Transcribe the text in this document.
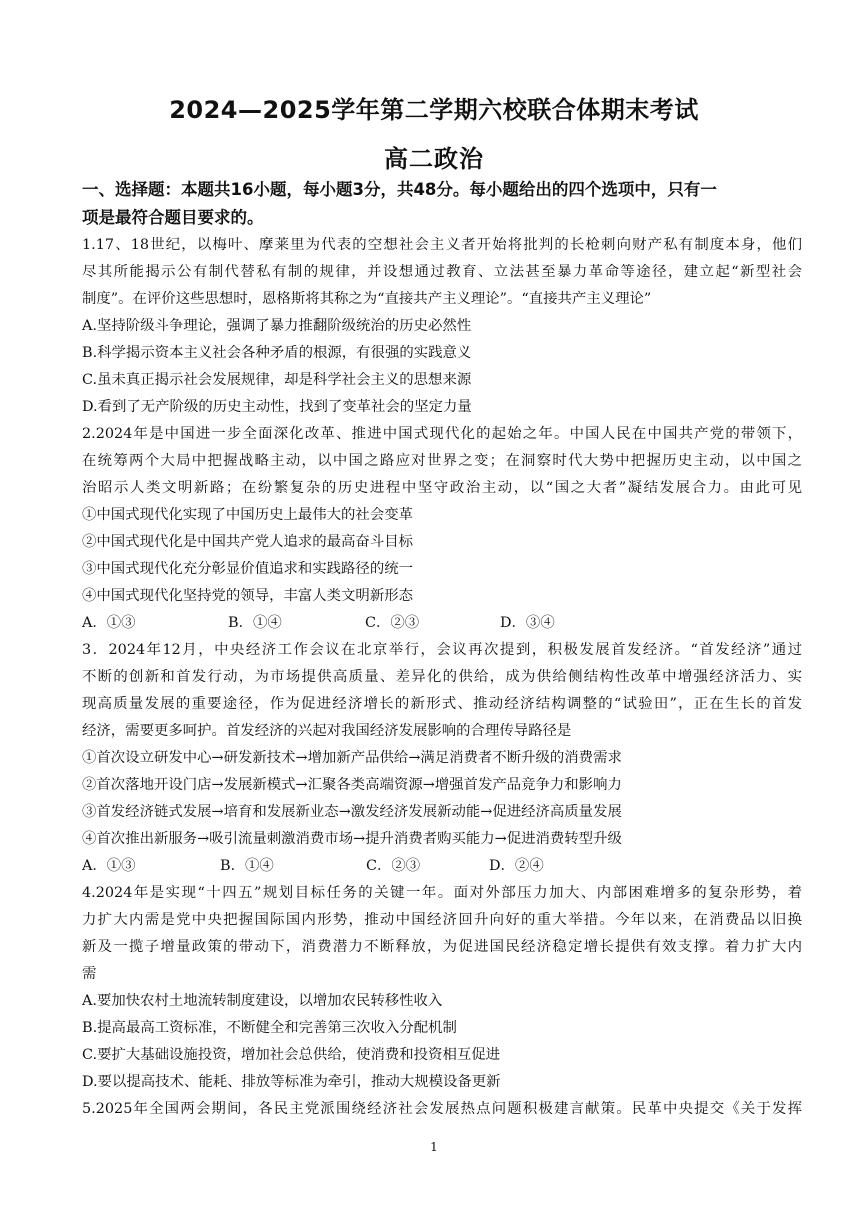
2024—2025学年第二学期六校联合体期末考试
高二政治
一、选择题：本题共16小题，每小题3分，共48分。每小题给出的四个选项中，只有一
项是最符合题目要求的。
1.17、18世纪，以梅叶、摩莱里为代表的空想社会主义者开始将批判的长枪刺向财产私有制度本身，他们
尽其所能揭示公有制代替私有制的规律，并设想通过教育、立法甚至暴力革命等途径，建立起“新型社会
制度”。在评价这些思想时，恩格斯将其称之为“直接共产主义理论”。“直接共产主义理论”
A.坚持阶级斗争理论，强调了暴力推翻阶级统治的历史必然性
B.科学揭示资本主义社会各种矛盾的根源，有很强的实践意义
C.虽未真正揭示社会发展规律，却是科学社会主义的思想来源
D.看到了无产阶级的历史主动性，找到了变革社会的坚定力量
2.2024年是中国进一步全面深化改革、推进中国式现代化的起始之年。中国人民在中国共产党的带领下，
在统筹两个大局中把握战略主动，以中国之路应对世界之变；在洞察时代大势中把握历史主动，以中国之
治昭示人类文明新路；在纷繁复杂的历史进程中坚守政治主动，以“国之大者”凝结发展合力。由此可见
①中国式现代化实现了中国历史上最伟大的社会变革
②中国式现代化是中国共产党人追求的最高奋斗目标
③中国式现代化充分彰显价值追求和实践路径的统一
④中国式现代化坚持党的领导，丰富人类文明新形态
A．①③	B．①④	C．②③	D．③④
3．2024年12月，中央经济工作会议在北京举行，会议再次提到，积极发展首发经济。“首发经济”通过
不断的创新和首发行动，为市场提供高质量、差异化的供给，成为供给侧结构性改革中增强经济活力、实
现高质量发展的重要途径，作为促进经济增长的新形式、推动经济结构调整的“试验田”，正在生长的首发
经济，需要更多呵护。首发经济的兴起对我国经济发展影响的合理传导路径是
①首次设立研发中心→研发新技术→增加新产品供给→满足消费者不断升级的消费需求
②首次落地开设门店→发展新模式→汇聚各类高端资源→增强首发产品竞争力和影响力
③首发经济链式发展→培育和发展新业态→激发经济发展新动能→促进经济高质量发展
④首次推出新服务→吸引流量刺激消费市场→提升消费者购买能力→促进消费转型升级
A．①③	B．①④	C．②③	D．②④
4.2024年是实现“十四五”规划目标任务的关键一年。面对外部压力加大、内部困难增多的复杂形势，着
力扩大内需是党中央把握国际国内形势，推动中国经济回升向好的重大举措。今年以来，在消费品以旧换
新及一揽子增量政策的带动下，消费潜力不断释放，为促进国民经济稳定增长提供有效支撑。着力扩大内
需
A.要加快农村土地流转制度建设，以增加农民转移性收入
B.提高最高工资标准，不断健全和完善第三次收入分配机制
C.要扩大基础设施投资，增加社会总供给，使消费和投资相互促进
D.要以提高技术、能耗、排放等标准为牵引，推动大规模设备更新
5.2025年全国两会期间，各民主党派围绕经济社会发展热点问题积极建言献策。民革中央提交《关于发挥
1
